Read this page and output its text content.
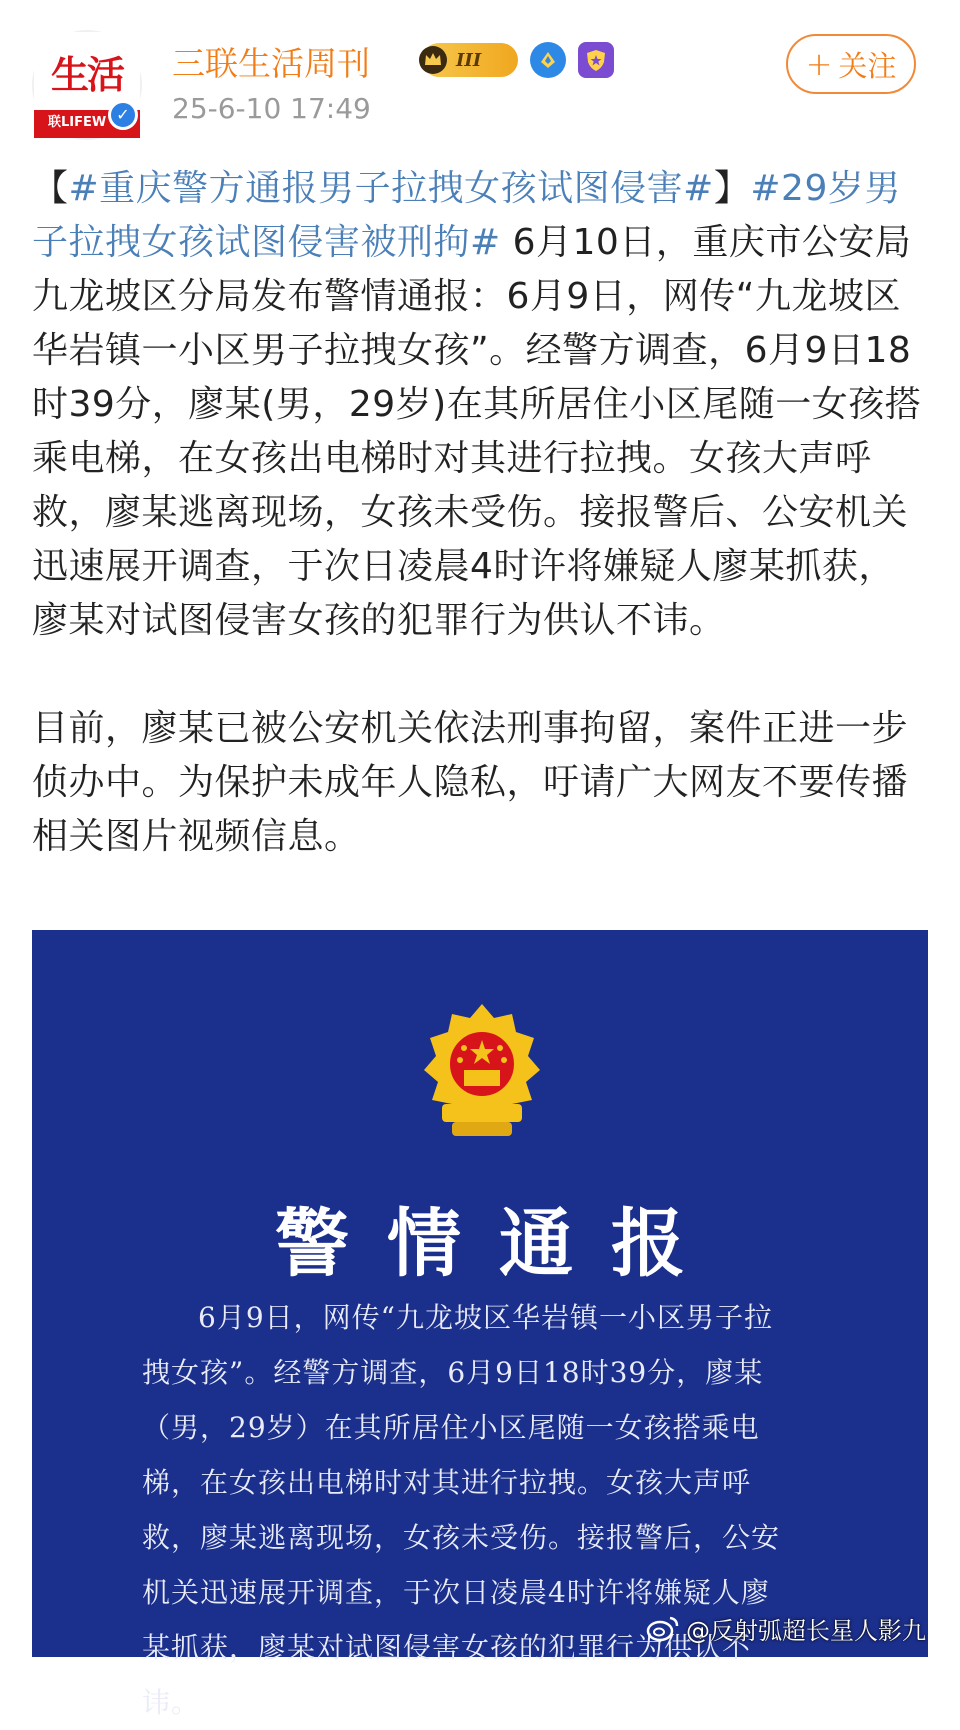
生活
联LIFEW ✓
三联生活周刊	III
25-6-10 17:49
+ 关注

【#重庆警方通报男子拉拽女孩试图侵害#】#29岁男子拉拽女孩试图侵害被刑拘# 6月10日，重庆市公安局九龙坡区分局发布警情通报：6月9日，网传“九龙坡区华岩镇一小区男子拉拽女孩”。经警方调查，6月9日18时39分，廖某(男，29岁)在其所居住小区尾随一女孩搭乘电梯，在女孩出电梯时对其进行拉拽。女孩大声呼救，廖某逃离现场，女孩未受伤。接报警后、公安机关迅速展开调查，于次日凌晨4时许将嫌疑人廖某抓获，廖某对试图侵害女孩的犯罪行为供认不讳。

目前，廖某已被公安机关依法刑事拘留，案件正进一步侦办中。为保护未成年人隐私，吁请广大网友不要传播相关图片视频信息。

警情通报
6月9日，网传“九龙坡区华岩镇一小区男子拉拽女孩”。经警方调查，6月9日18时39分，廖某（男，29岁）在其所居住小区尾随一女孩搭乘电梯，在女孩出电梯时对其进行拉拽。女孩大声呼救，廖某逃离现场，女孩未受伤。接报警后，公安机关迅速展开调查，于次日凌晨4时许将嫌疑人廖某抓获，廖某对试图侵害女孩的犯罪行为供认不讳。
@反射弧超长星人影九
